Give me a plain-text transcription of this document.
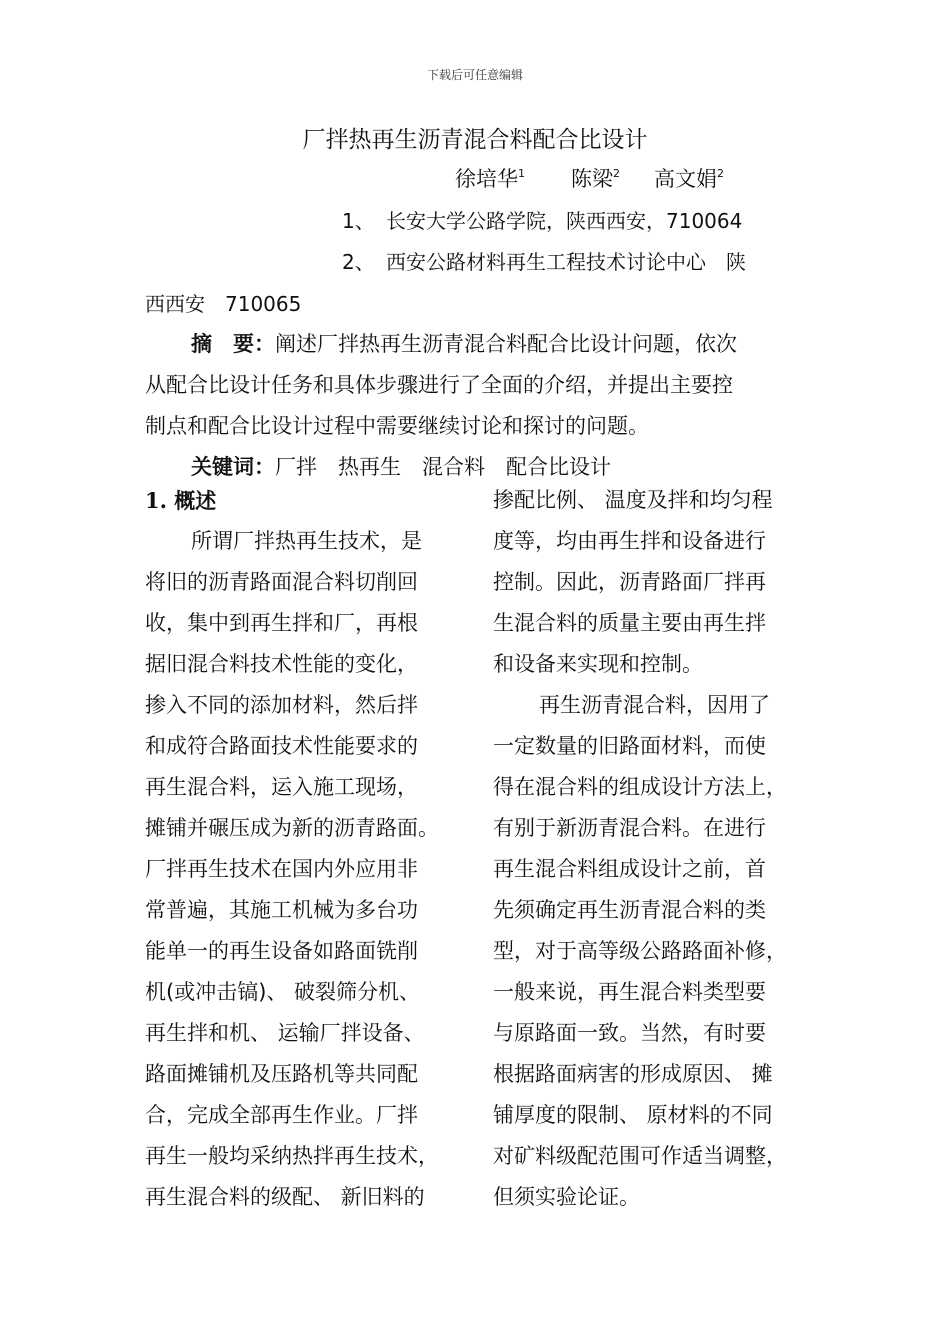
下载后可任意编辑
厂拌热再生沥青混合料配合比设计
徐培华$^1$ 陈梁$^2$ 高文娟$^2$
1、 长安大学公路学院，陕西西安，710064
2、 西安公路材料再生工程技术讨论中心　陕
西西安　710065
摘　要：阐述厂拌热再生沥青混合料配合比设计问题，依次
从配合比设计任务和具体步骤进行了全面的介绍，并提出主要控
制点和配合比设计过程中需要继续讨论和探讨的问题。
关键词：厂拌　热再生　混合料　配合比设计
1. 概述
所谓厂拌热再生技术，是
将旧的沥青路面混合料切削回
收，集中到再生拌和厂，再根
据旧混合料技术性能的变化，
掺入不同的添加材料，然后拌
和成符合路面技术性能要求的
再生混合料，运入施工现场，
摊铺并碾压成为新的沥青路面。
厂拌再生技术在国内外应用非
常普遍，其施工机械为多台功
能单一的再生设备如路面铣削
机(或冲击镐)、 破裂筛分机、
再生拌和机、 运输厂拌设备、
路面摊铺机及压路机等共同配
合，完成全部再生作业。厂拌
再生一般均采纳热拌再生技术，
再生混合料的级配、 新旧料的
掺配比例、 温度及拌和均匀程
度等，均由再生拌和设备进行
控制。因此，沥青路面厂拌再
生混合料的质量主要由再生拌
和设备来实现和控制。
再生沥青混合料，因用了
一定数量的旧路面材料，而使
得在混合料的组成设计方法上，
有别于新沥青混合料。在进行
再生混合料组成设计之前，首
先须确定再生沥青混合料的类
型，对于高等级公路路面补修，
一般来说，再生混合料类型要
与原路面一致。当然，有时要
根据路面病害的形成原因、 摊
铺厚度的限制、 原材料的不同
对矿料级配范围可作适当调整，
但须实验论证。
